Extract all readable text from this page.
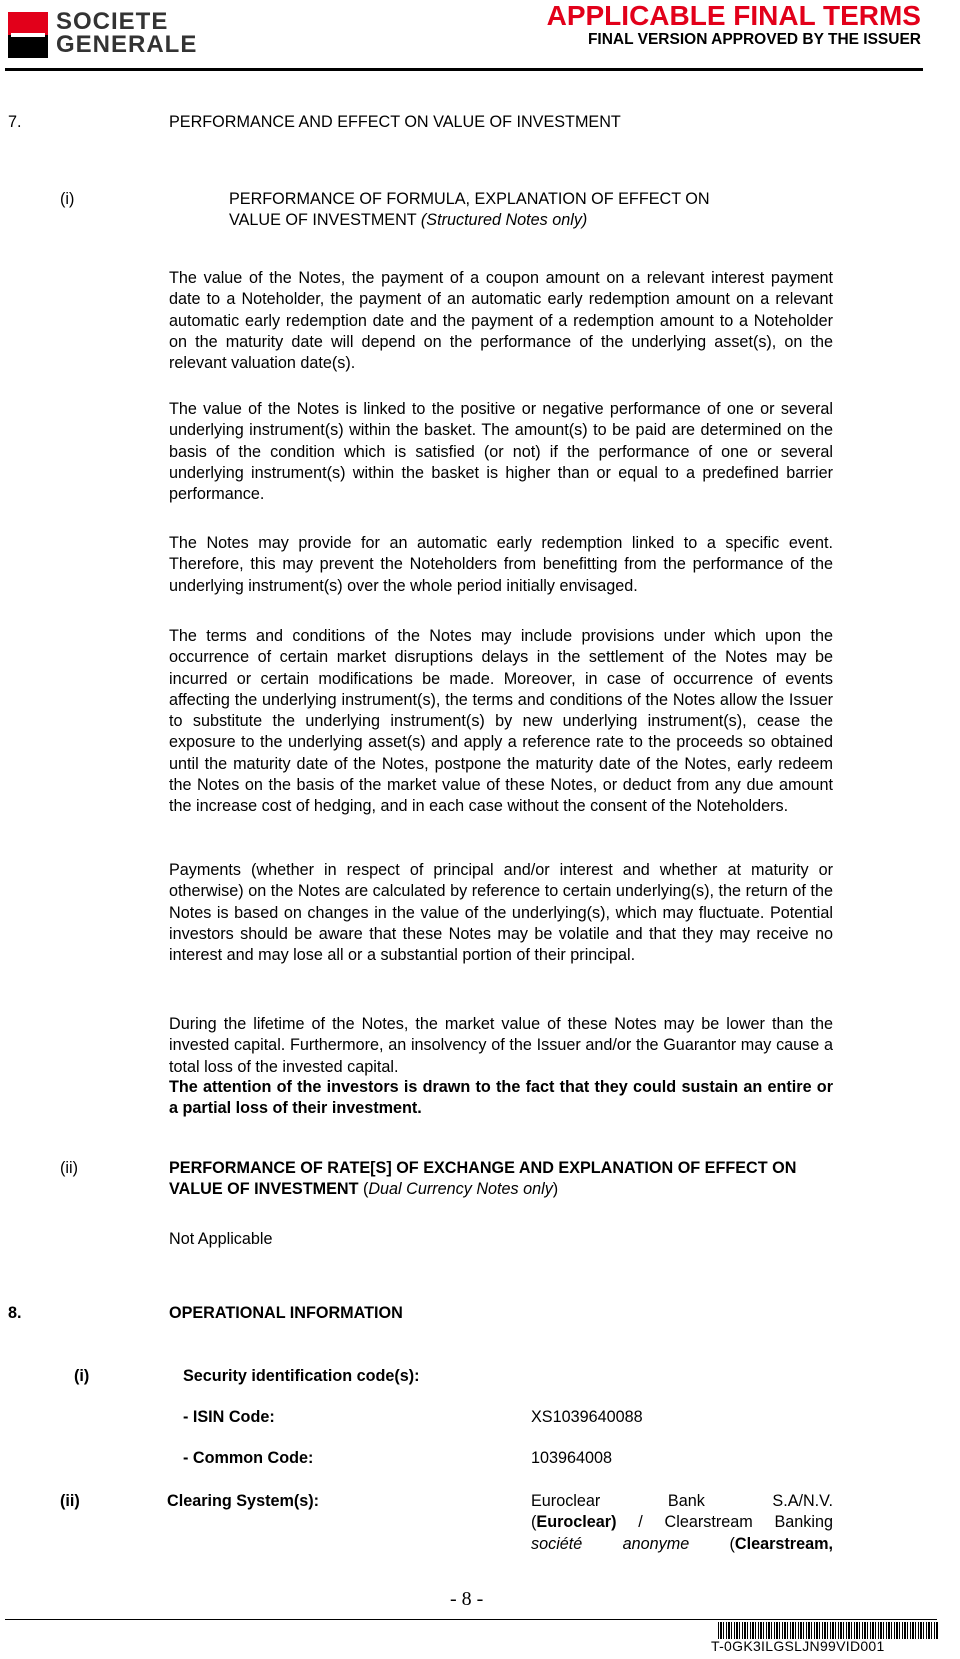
SOCIETE
GENERALE
APPLICABLE FINAL TERMS
FINAL VERSION APPROVED BY THE ISSUER
7.	PERFORMANCE AND EFFECT ON VALUE OF INVESTMENT
(i)	PERFORMANCE OF FORMULA, EXPLANATION OF EFFECT ON
VALUE OF INVESTMENT (Structured Notes only)
The value of the Notes, the payment of a coupon amount on a relevant interest payment date to a Noteholder, the payment of an automatic early redemption amount on a relevant automatic early redemption date and the payment of a redemption amount to a Noteholder on the maturity date will depend on the performance of the underlying asset(s), on the relevant valuation date(s).
The value of the Notes is linked to the positive or negative performance of one or several underlying instrument(s) within the basket. The amount(s) to be paid are determined on the basis of the condition which is satisfied (or not) if the performance of one or several underlying instrument(s) within the basket is higher than or equal to a predefined barrier performance.
The Notes may provide for an automatic early redemption linked to a specific event. Therefore, this may prevent the Noteholders from benefitting from the performance of the underlying instrument(s) over the whole period initially envisaged.
The terms and conditions of the Notes may include provisions under which upon the occurrence of certain market disruptions delays in the settlement of the Notes may be incurred or certain modifications be made. Moreover, in case of occurrence of events affecting the underlying instrument(s), the terms and conditions of the Notes allow the Issuer to substitute the underlying instrument(s) by new underlying instrument(s), cease the exposure to the underlying asset(s) and apply a reference rate to the proceeds so obtained until the maturity date of the Notes, postpone the maturity date of the Notes, early redeem the Notes on the basis of the market value of these Notes, or deduct from any due amount the increase cost of hedging, and in each case without the consent of the Noteholders.
Payments (whether in respect of principal and/or interest and whether at maturity or otherwise) on the Notes are calculated by reference to certain underlying(s), the return of the Notes is based on changes in the value of the underlying(s), which may fluctuate. Potential investors should be aware that these Notes may be volatile and that they may receive no interest and may lose all or a substantial portion of their principal.
During the lifetime of the Notes, the market value of these Notes may be lower than the invested capital. Furthermore, an insolvency of the Issuer and/or the Guarantor may cause a total loss of the invested capital.
The attention of the investors is drawn to the fact that they could sustain an entire or a partial loss of their investment.
(ii)	PERFORMANCE OF RATE[S] OF EXCHANGE AND EXPLANATION OF EFFECT ON
VALUE OF INVESTMENT (Dual Currency Notes only)
Not Applicable
8.	OPERATIONAL INFORMATION
(i)	Security identification code(s):
- ISIN Code:	XS1039640088
- Common Code:	103964008
(ii)	Clearing System(s):	Euroclear Bank S.A/N.V.
(Euroclear) / Clearstream Banking
société anonyme (Clearstream,
- 8 -
T-0GK3ILGSLJN99VID001
